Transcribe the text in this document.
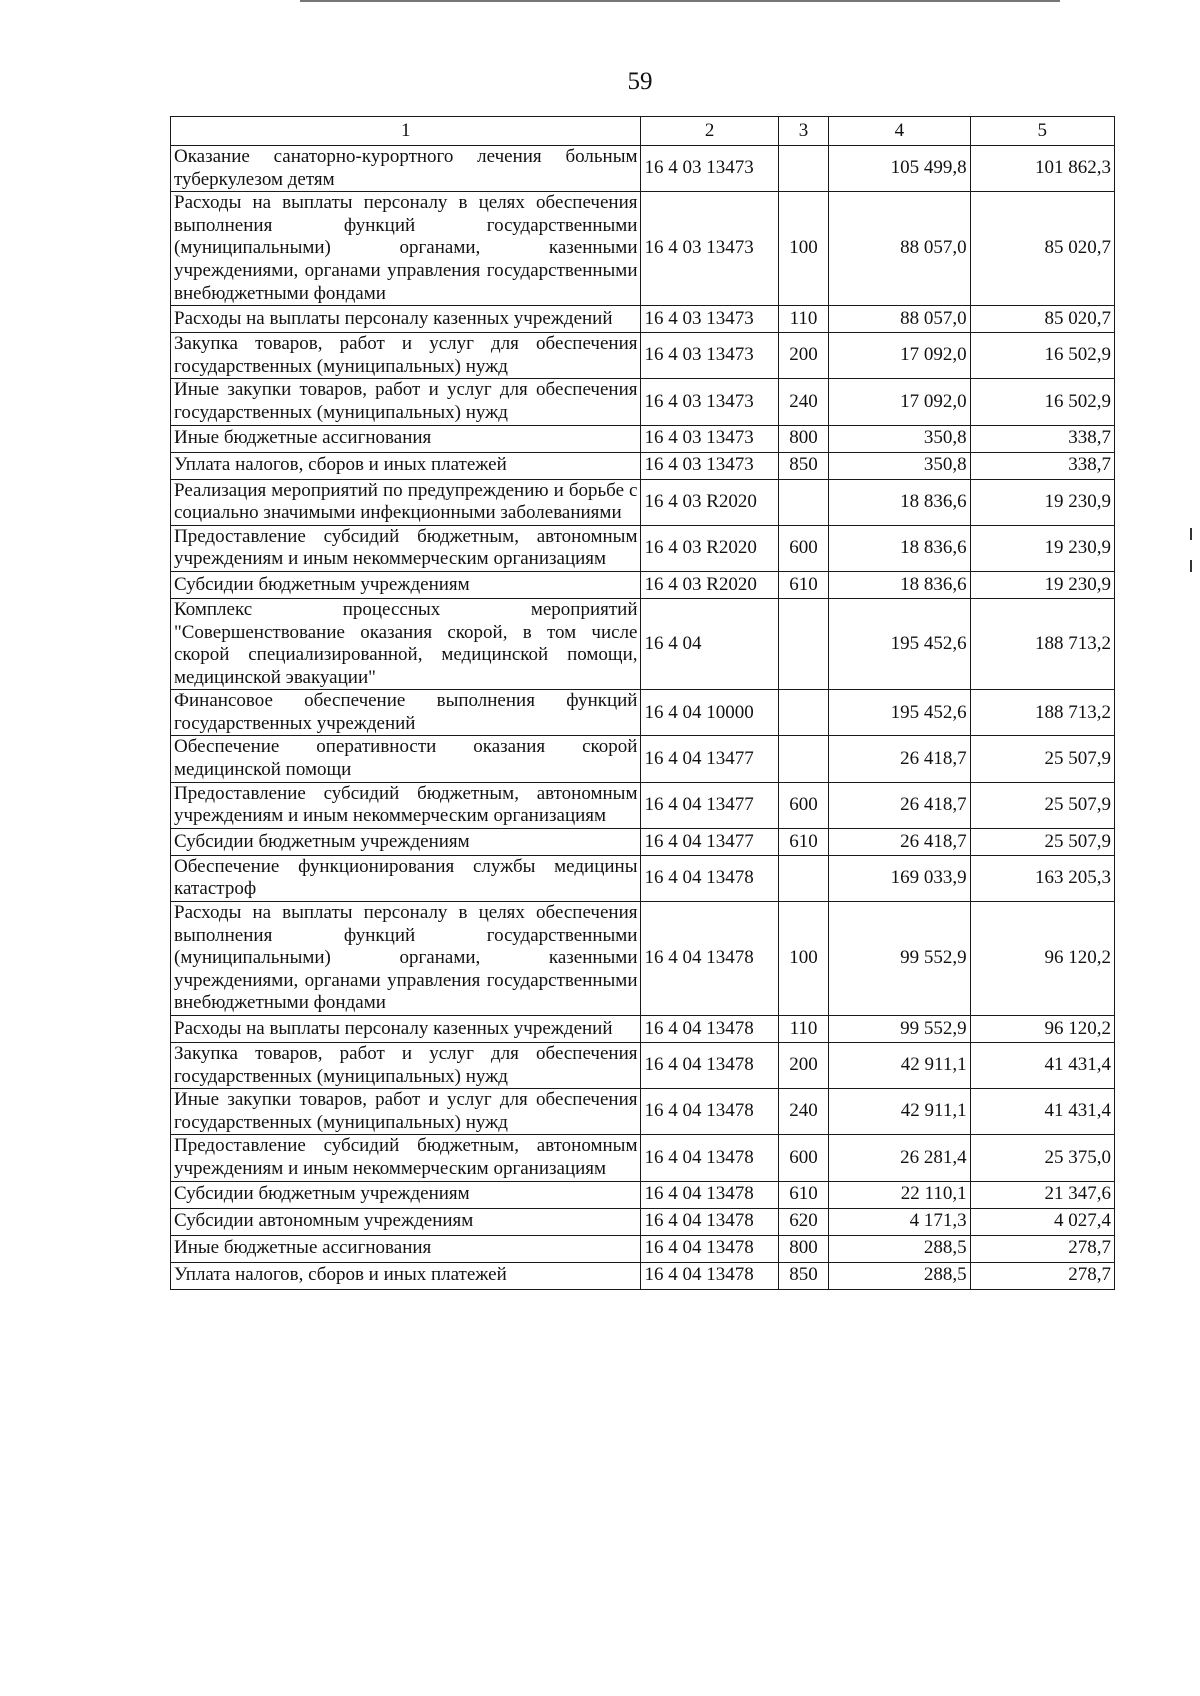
59
1	2	3	4	5
Оказание санаторно-курортного лечения больным туберкулезом детям	16 4 03 13473		105 499,8	101 862,3
Расходы на выплаты персоналу в целях обеспечения выполнения функций государственными (муниципальными) органами, казенными учреждениями, органами управления государственными внебюджетными фондами	16 4 03 13473	100	88 057,0	85 020,7
Расходы на выплаты персоналу казенных учреждений	16 4 03 13473	110	88 057,0	85 020,7
Закупка товаров, работ и услуг для обеспечения государственных (муниципальных) нужд	16 4 03 13473	200	17 092,0	16 502,9
Иные закупки товаров, работ и услуг для обеспечения государственных (муниципальных) нужд	16 4 03 13473	240	17 092,0	16 502,9
Иные бюджетные ассигнования	16 4 03 13473	800	350,8	338,7
Уплата налогов, сборов и иных платежей	16 4 03 13473	850	350,8	338,7
Реализация мероприятий по предупреждению и борьбе с социально значимыми инфекционными заболеваниями	16 4 03 R2020		18 836,6	19 230,9
Предоставление субсидий бюджетным, автономным учреждениям и иным некоммерческим организациям	16 4 03 R2020	600	18 836,6	19 230,9
Субсидии бюджетным учреждениям	16 4 03 R2020	610	18 836,6	19 230,9
Комплекс процессных мероприятий "Совершенствование оказания скорой, в том числе скорой специализированной, медицинской помощи, медицинской эвакуации"	16 4 04		195 452,6	188 713,2
Финансовое обеспечение выполнения функций государственных учреждений	16 4 04 10000		195 452,6	188 713,2
Обеспечение оперативности оказания скорой медицинской помощи	16 4 04 13477		26 418,7	25 507,9
Предоставление субсидий бюджетным, автономным учреждениям и иным некоммерческим организациям	16 4 04 13477	600	26 418,7	25 507,9
Субсидии бюджетным учреждениям	16 4 04 13477	610	26 418,7	25 507,9
Обеспечение функционирования службы медицины катастроф	16 4 04 13478		169 033,9	163 205,3
Расходы на выплаты персоналу в целях обеспечения выполнения функций государственными (муниципальными) органами, казенными учреждениями, органами управления государственными внебюджетными фондами	16 4 04 13478	100	99 552,9	96 120,2
Расходы на выплаты персоналу казенных учреждений	16 4 04 13478	110	99 552,9	96 120,2
Закупка товаров, работ и услуг для обеспечения государственных (муниципальных) нужд	16 4 04 13478	200	42 911,1	41 431,4
Иные закупки товаров, работ и услуг для обеспечения государственных (муниципальных) нужд	16 4 04 13478	240	42 911,1	41 431,4
Предоставление субсидий бюджетным, автономным учреждениям и иным некоммерческим организациям	16 4 04 13478	600	26 281,4	25 375,0
Субсидии бюджетным учреждениям	16 4 04 13478	610	22 110,1	21 347,6
Субсидии автономным учреждениям	16 4 04 13478	620	4 171,3	4 027,4
Иные бюджетные ассигнования	16 4 04 13478	800	288,5	278,7
Уплата налогов, сборов и иных платежей	16 4 04 13478	850	288,5	278,7
